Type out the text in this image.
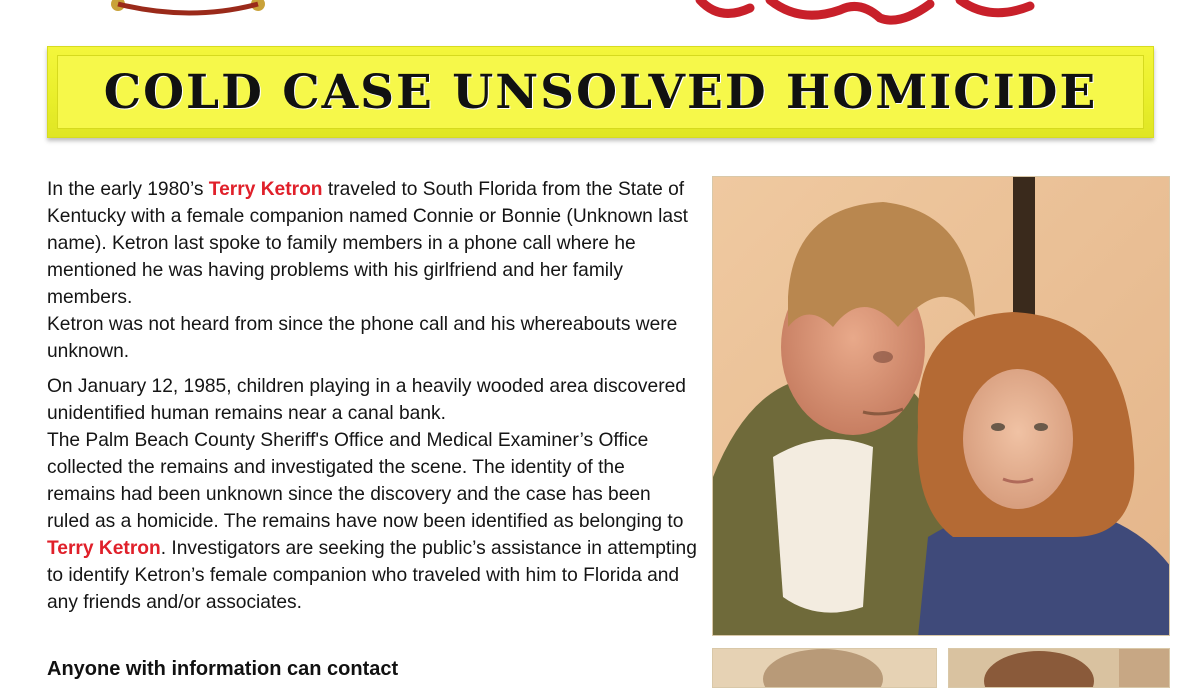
COLD CASE UNSOLVED HOMICIDE

In the early 1980’s Terry Ketron traveled to South Florida from the State of Kentucky with a female companion named Connie or Bonnie (Unknown last name). Ketron last spoke to family members in a phone call where he mentioned he was having problems with his girlfriend and her family members.
Ketron was not heard from since the phone call and his whereabouts were unknown.

On January 12, 1985, children playing in a heavily wooded area discovered unidentified human remains near a canal bank.
The Palm Beach County Sheriff's Office and Medical Examiner’s Office collected the remains and investigated the scene. The identity of the remains had been unknown since the discovery and the case has been ruled as a homicide. The remains have now been identified as belonging to Terry Ketron. Investigators are seeking the public’s assistance in attempting to identify Ketron’s female companion who traveled with him to Florida and any friends and/or associates.

Anyone with information can contact
